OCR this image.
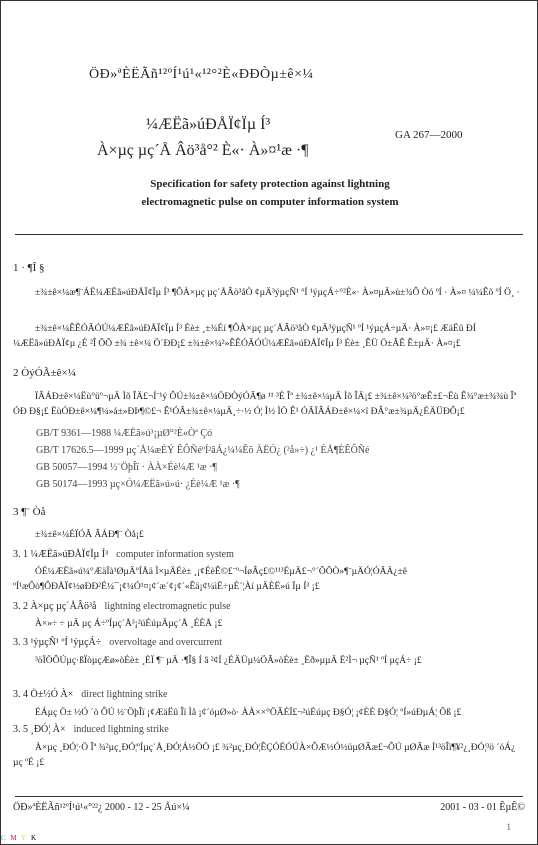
ÖÐ»ªÈËÃñ¹²ºÍ¹ú¹«¹²°²È«ÐÐÒµ±ê×¼
¼ÆËã»úÐÅÏ¢Ïµ Í³
À×µç µç´Å Âö³å°² È«· À»¤¹æ ·¶
GA 267—2000
Specification for safety protection against lightning
electromagnetic pulse on computer information system
1 · ¶Î §
±¾±ê×¼æ¶¨ÁË¼ÆËã»úÐÅÏ¢Ïµ Í³ ¶ÔÀ×µç µç´ÅÂö³åÒ ¢µÄ³ýµçÑ¹ ºÍ ¹ýµçÁ÷°²È«· À»¤µÄ»ù±¾Ô Òó ºÍ · À»¤ ¼¼Êõ ºÍ Ö¸ ·
±¾±ê×¼ÊÊÓÃÓÚ¼ÆËã»úÐÅÏ¢Ïµ Í³ Éè± ¸±¾Éí ¶ÔÀ×µç µç´ÅÂö³åÒ ¢µÄ³ýµçÑ¹ ºÍ ¹ýµçÁ÷µÄ· À»¤¡£ ÆäËû ÐÍ ¼ÆËã»úÐÅÏ¢µ ¿É ²Î ÕÕ ±¾ ±ê×¼ Ö´ÐÐ¡£ ±¾±ê×¼²»ÊÊÓÃÓÚ¼ÆËã»úÐÅÏ¢Ïµ Í³ Éè± ¸ÊÜ Ö±ÂÊ Ê±µÄ· À»¤¡£
2 ÒýÓÃ±ê×¼
ÏÂÁÐ±ê×¼Ëù°üº¬µÄ Ìõ ÎÄ£¬Í¨¹ý ÔÚ±¾±ê×¼ÖÐÒýÓÃ¶ø ¹¹ ³É Îª ±¾±ê×¼µÄ Ìõ ÎÄ¡£ ±¾±ê×¼³ö°æÊ±£¬Ëù Ê¾°æ±¾¾ù Îª ÓÐ Ð§¡£ ËùÓÐ±ê×¼¶¼»á±»ÐÞ¶©£¬ Ê¹ÓÃ±¾±ê×¼µÄ¸÷·½ Ó¦ Ì½ ÌÖ Ê¹ ÓÃÏÂÁÐ±ê×¼×î ÐÂ°æ±¾µÄ¿ÉÄÜÐÔ¡£
GB/T 9361—1988 ¼ÆËã»ú³¡µØ°²È«Òª Çó
GB/T 17626.5—1999 µç´Å¼æÈÝ ÊÔÑéºÍ²âÁ¿¼¼Êõ ÀËÓ¿ (³å»÷) ¿¹ ÈÅ¶ÈÊÔÑé
GB 50057—1994 ½¨ÖþÎï · ÀÀ×Éè¼Æ ¹æ ·¶
GB 50174—1993 µç×Ó¼ÆËã»ú»ú· ¿Éè¼Æ ¹æ ·¶
3 ¶¨ Òå
±¾±ê×¼ÉÏÓÃ ÂÁÐ¶¨ Òå¡£
3. 1 ¼ÆËã»úÐÅÏ¢Ïµ Í³ computer information system
ÓÉ¼ÆËã»ú¼°ÆäÏà¹ØµÄºÍÅä Ì×µÄÉè± ¸¡¢ÉèÊ©£¨º¬ÍøÂç£©¹¹³ÉµÄ£¬°´ÕÕÒ»¶¨µÄÓ¦ÓÃÄ¿±ê ºÍ¹æÔò¶ÔÐÅÏ¢½øÐÐ²É¼¯¡¢¼Ó¹¤¡¢´æ´¢¡¢´«Êä¡¢¼ìË÷µÈ´¦Àí µÄÈË»ú Ïµ Í³ ¡£
3. 2 À×µç µç´ÅÂö³å lightning electromagnetic pulse
À×»÷ ÷ µÄ µç Á÷ºÍµç´Å³¡²úÉúµÄµç´Å ¸ÉÈÅ ¡£
3. 3 ¹ýµçÑ¹ ºÍ ¹ýµçÁ÷ overvoltage and overcurrent
³öÏÖÔÚµç·ßÏòµçÆø»òÉè± ¸ÈÏ ¶¨ µÄ ·¶Î§ Í â ²¢Í ¿ÉÄÜµ¼ÖÂ»òÉè± ¸Ëð»µµÄ Ë²Ì¬ µçÑ¹ ºÍ µçÁ÷ ¡£
3. 4 Ö±½Ó À× direct lightning strike
ÉÁµç Ö± ½Ó ´ò ÔÚ ½¨ÖþÎï ¡¢ÆäËû Îï Ìå ¡¢´óµØ»ò· ÀÀ××°ÖÃÉÏ£¬²úÉúµç Ð§Ó¦ ¡¢ÈÈ Ð§Ó¦ ºÍ»úÐµÁ¦ Õß ¡£
3. 5 ¸ÐÓ¦ À× induced lightning strike
À×µç ¸ÐÓ¦·Ö Îª ¾²µç¸ÐÓ¦ºÍµç´Å¸ÐÓ¦Á½ÖÖ ¡£ ¾²µç¸ÐÓ¦ÊÇÓÉÓÚÀ×ÔÆ½Ó½üµØÃæ£¬ÔÚ µØÃæ Í¹³öÎï¶¥²¿¸ÐÓ¦³ö ´óÁ¿ µç ºÉ ¡£
ÖÐ»ªÈËÃñ¹²ºÍ¹ú¹«°²²¿ 2000 - 12 - 25 Åú×¼	2001 - 03 - 01 ÊµÊ©
1
C M Y K
